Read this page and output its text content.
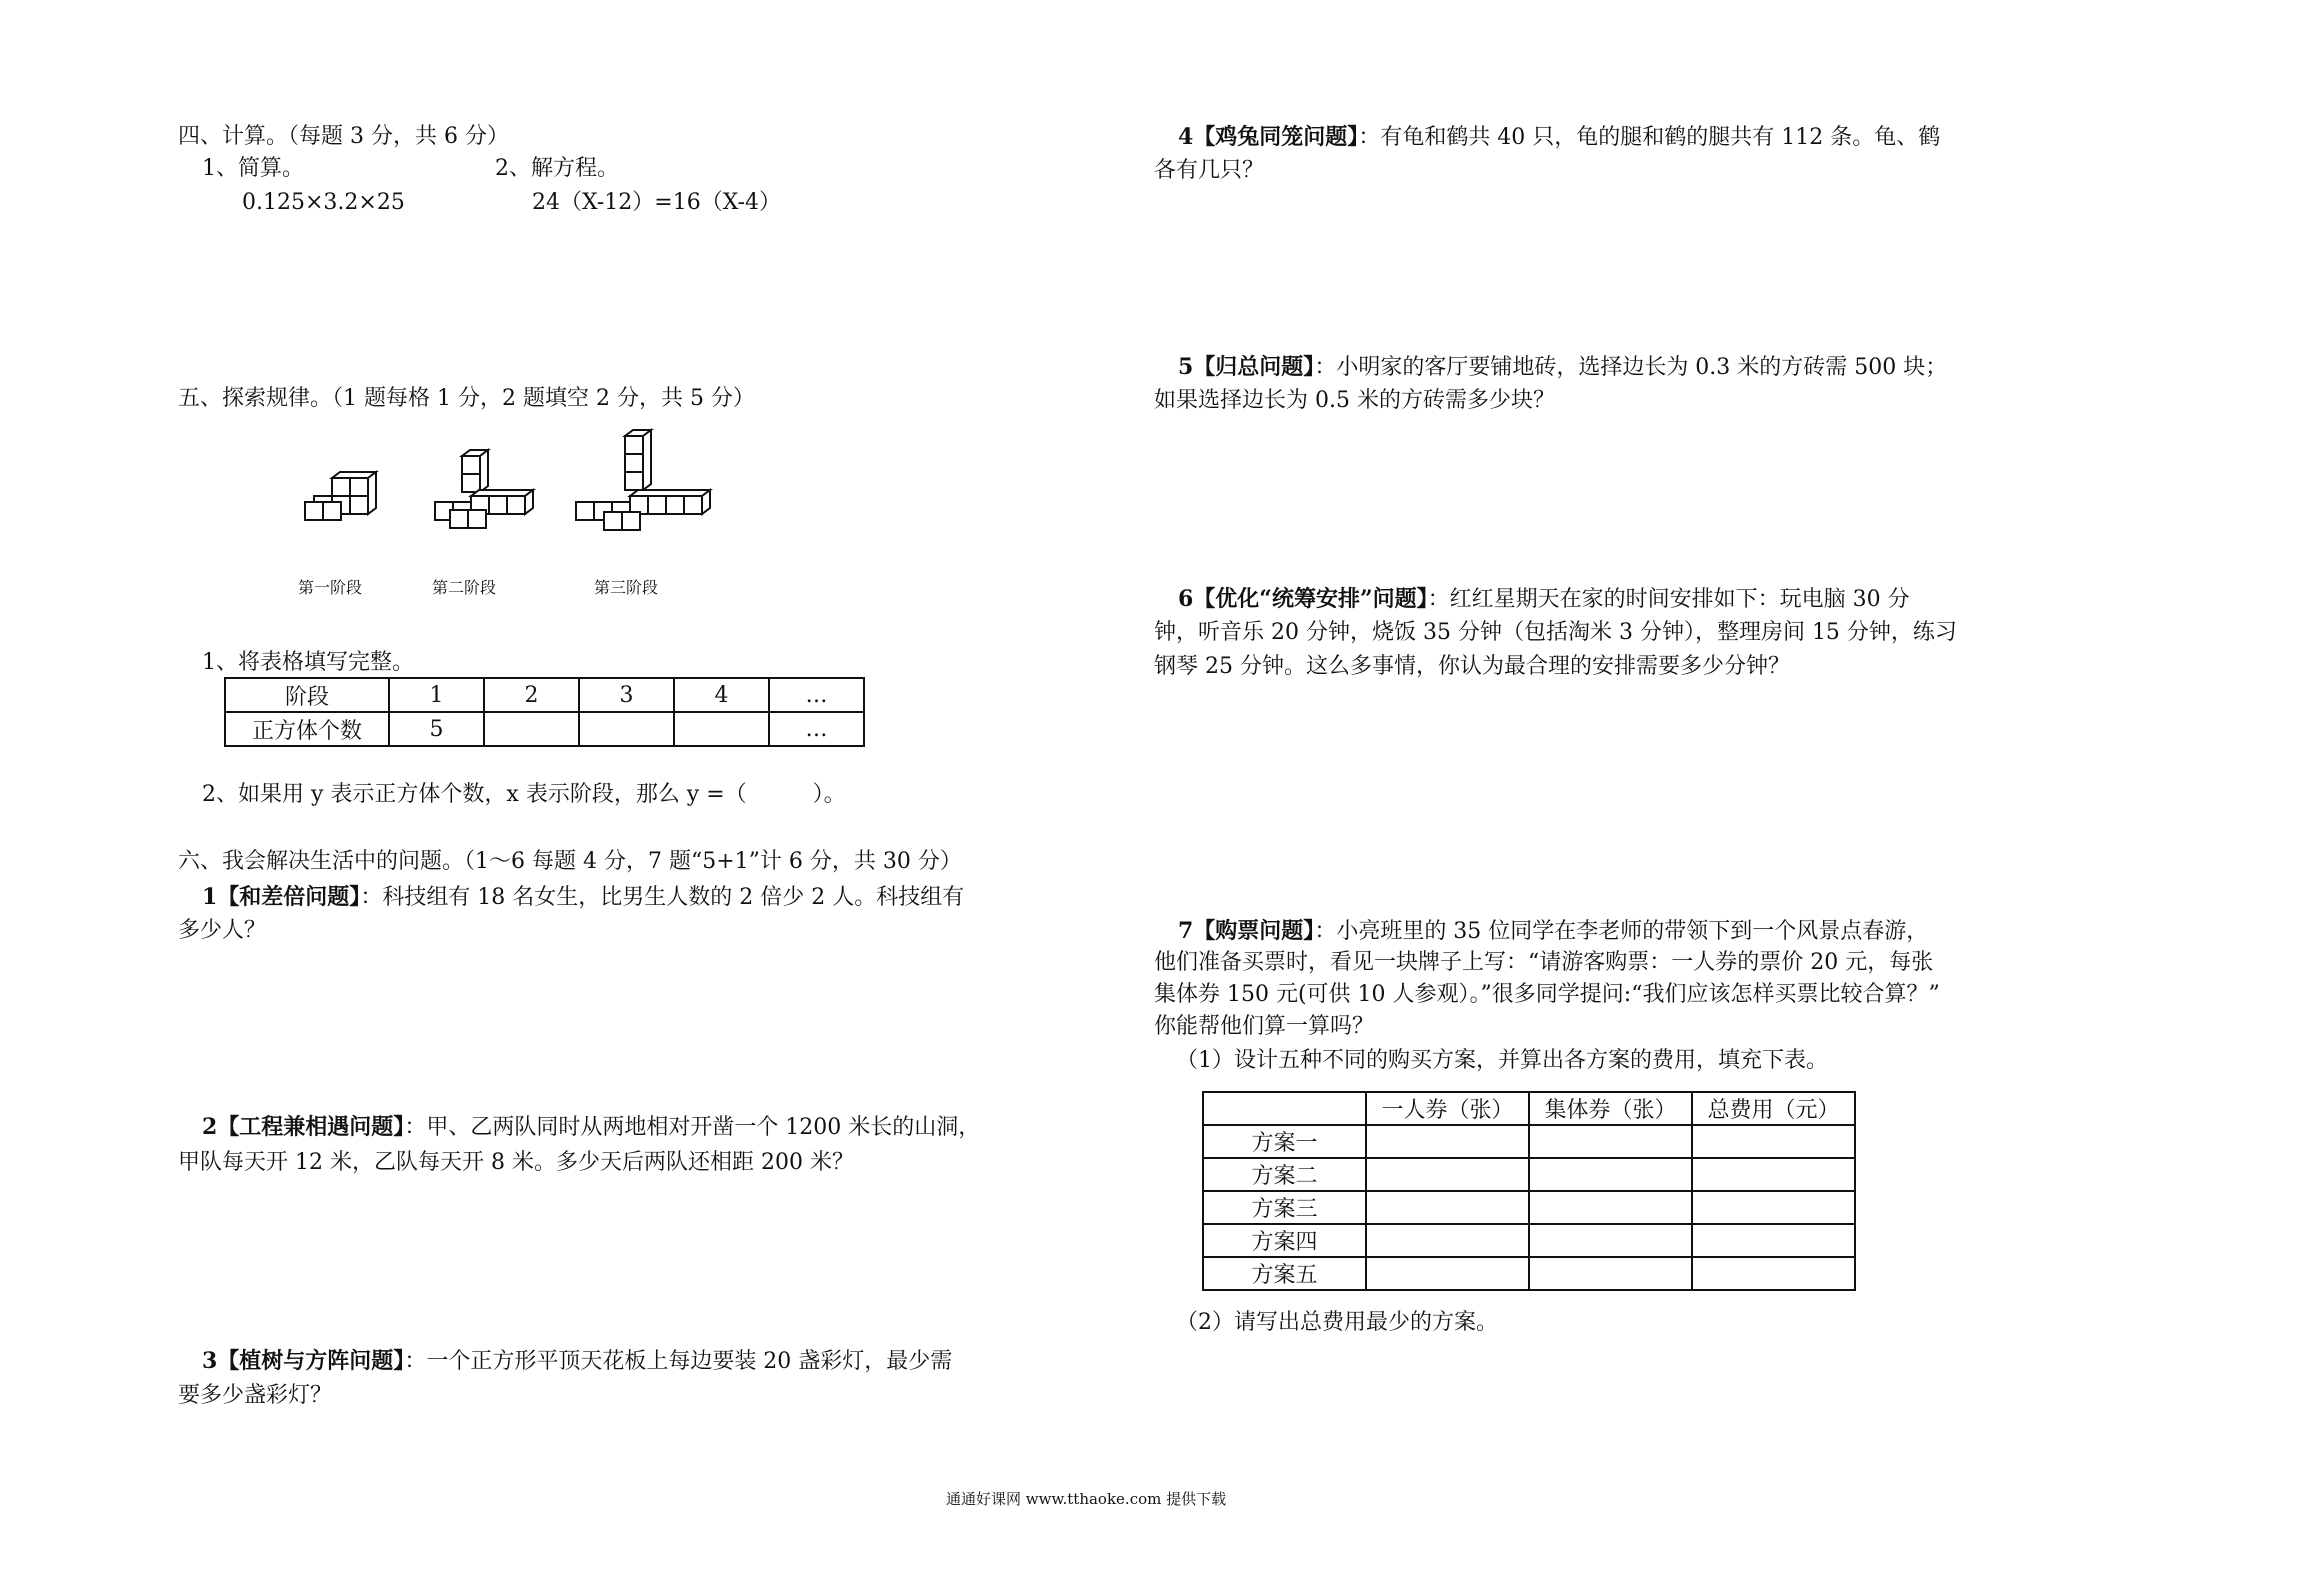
四、计算。（每题 3 分，共 6 分）
1、简算。	2、解方程。
0.125×3.2×25	24（X-12）=16（X-4）
五、探索规律。（1 题每格 1 分，2 题填空 2 分，共 5 分）
第一阶段	第二阶段	第三阶段
1、将表格填写完整。
阶段	1	2	3	4	…
正方体个数	5				…
2、如果用 y 表示正方体个数，x 表示阶段，那么 y =（　　　）。
六、我会解决生活中的问题。（1～6 每题 4 分，7 题“5+1”计 6 分，共 30 分）
1【和差倍问题】：科技组有 18 名女生，比男生人数的 2 倍少 2 人。科技组有
多少人？
2【工程兼相遇问题】：甲、乙两队同时从两地相对开凿一个 1200 米长的山洞，
甲队每天开 12 米，乙队每天开 8 米。多少天后两队还相距 200 米？
3【植树与方阵问题】：一个正方形平顶天花板上每边要装 20 盏彩灯，最少需
要多少盏彩灯？
4【鸡兔同笼问题】：有龟和鹤共 40 只，龟的腿和鹤的腿共有 112 条。龟、鹤
各有几只？
5【归总问题】：小明家的客厅要铺地砖，选择边长为 0.3 米的方砖需 500 块；
如果选择边长为 0.5 米的方砖需多少块？
6【优化“统筹安排”问题】：红红星期天在家的时间安排如下：玩电脑 30 分
钟，听音乐 20 分钟，烧饭 35 分钟（包括淘米 3 分钟），整理房间 15 分钟，练习
钢琴 25 分钟。这么多事情，你认为最合理的安排需要多少分钟？
7【购票问题】：小亮班里的 35 位同学在李老师的带领下到一个风景点春游，
他们准备买票时，看见一块牌子上写：“请游客购票：一人券的票价 20 元，每张
集体券 150 元(可供 10 人参观）。”很多同学提问:“我们应该怎样买票比较合算？”
你能帮他们算一算吗？
（1）设计五种不同的购买方案，并算出各方案的费用，填充下表。
	一人券（张）	集体券（张）	总费用（元）
方案一			
方案二			
方案三			
方案四			
方案五			
（2）请写出总费用最少的方案。
通通好课网 www.tthaoke.com 提供下载
